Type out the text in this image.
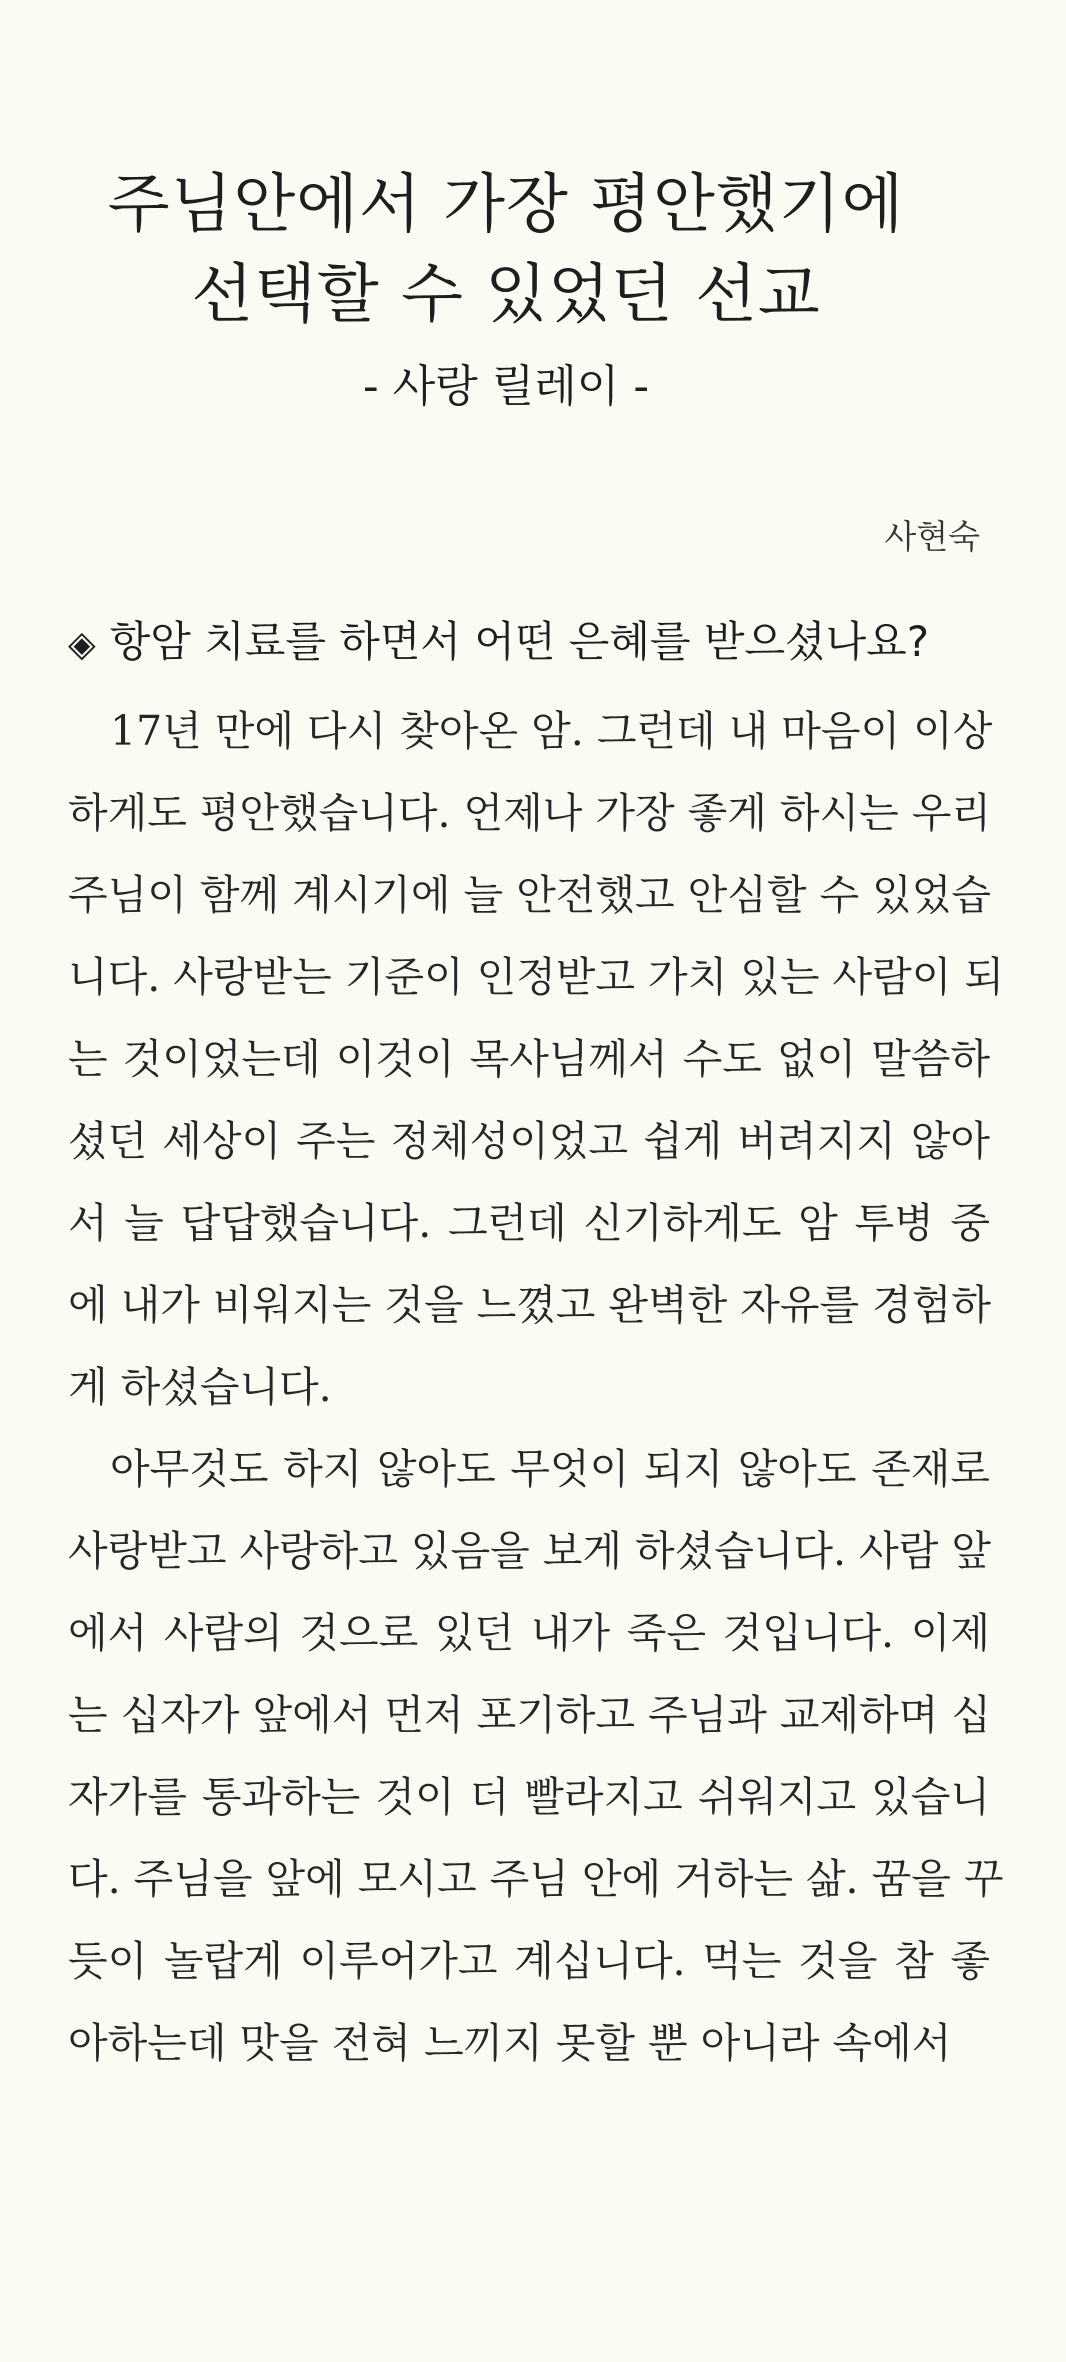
주님안에서 가장 평안했기에
선택할 수 있었던 선교
- 사랑 릴레이 -
사현숙
◈ 항암 치료를 하면서 어떤 은혜를 받으셨나요?
17년 만에 다시 찾아온 암. 그런데 내 마음이 이상
하게도 평안했습니다. 언제나 가장 좋게 하시는 우리
주님이 함께 계시기에 늘 안전했고 안심할 수 있었습
니다. 사랑받는 기준이 인정받고 가치 있는 사람이 되
는 것이었는데 이것이 목사님께서 수도 없이 말씀하
셨던 세상이 주는 정체성이었고 쉽게 버려지지 않아
서 늘 답답했습니다. 그런데 신기하게도 암 투병 중
에 내가 비워지는 것을 느꼈고 완벽한 자유를 경험하
게 하셨습니다.
아무것도 하지 않아도 무엇이 되지 않아도 존재로
사랑받고 사랑하고 있음을 보게 하셨습니다. 사람 앞
에서 사람의 것으로 있던 내가 죽은 것입니다. 이제
는 십자가 앞에서 먼저 포기하고 주님과 교제하며 십
자가를 통과하는 것이 더 빨라지고 쉬워지고 있습니
다. 주님을 앞에 모시고 주님 안에 거하는 삶. 꿈을 꾸
듯이 놀랍게 이루어가고 계십니다. 먹는 것을 참 좋
아하는데 맛을 전혀 느끼지 못할 뿐 아니라 속에서
